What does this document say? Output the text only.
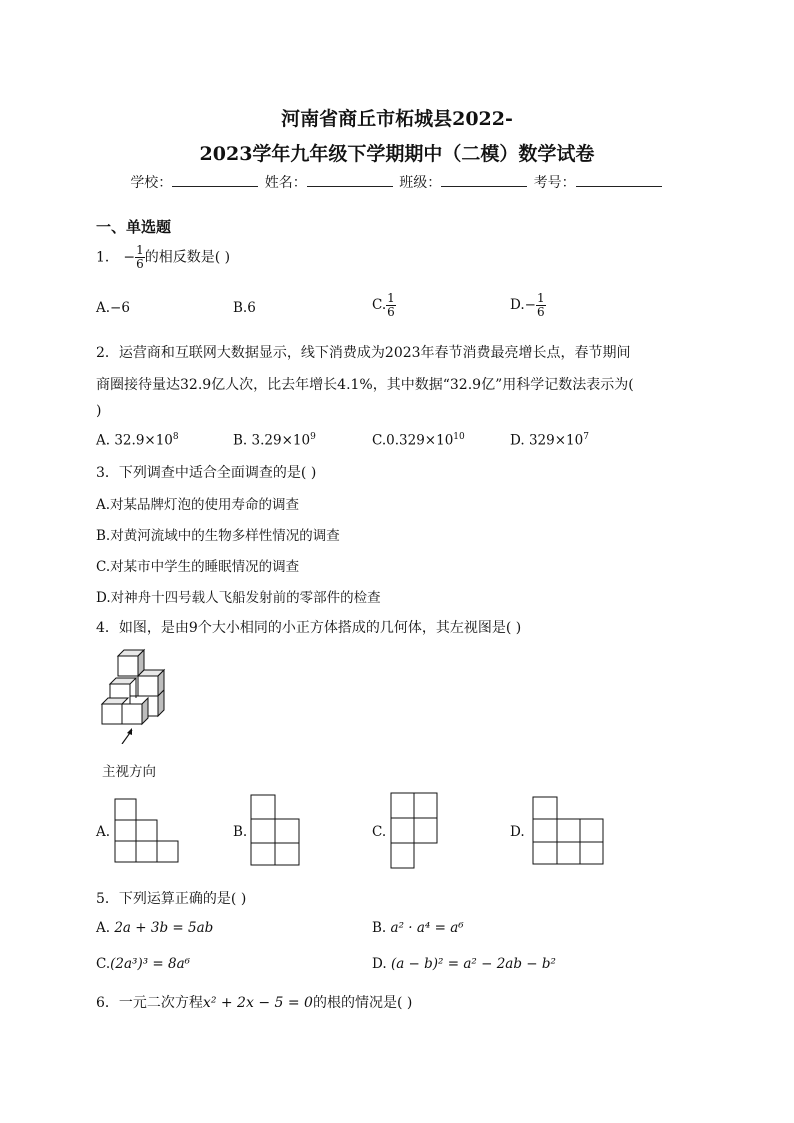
河南省商丘市柘城县2022-
2023学年九年级下学期期中（二模）数学试卷
学校：	姓名：	班级：	考号：
一、单选题
1． − $\frac{1}{6}$ 的相反数是( )
A.−6	B.6	C. $\frac{1}{6}$	$D.- \frac{1}{6}$
2．运营商和互联网大数据显示，线下消费成为2023年春节消费最亮增长点，春节期间
商圈接待量达32.9亿人次，比去年增长4.1%，其中数据“32.9亿”用科学记数法表示为(
)
A. $32.9\times 10^8$	B. $3.29\times 10^9$	$C.0.329\times 10^{10}$	D. $329\times 10^7$
3．下列调查中适合全面调查的是( )
A.对某品牌灯泡的使用寿命的调查
B.对黄河流域中的生物多样性情况的调查
C.对某市中学生的睡眠情况的调查
D.对神舟十四号载人飞船发射前的零部件的检查
4．如图，是由9个大小相同的小正方体搭成的几何体，其左视图是( )
主视方向
A.	B.	C.	D.
5．下列运算正确的是( )
A. 2a + 3b = 5ab	B. a² · a⁴ = a⁶
C.(2a³)³ = 8a⁶	D. (a − b)² = a² − 2ab − b²
6．一元二次方程x² + 2x − 5 = 0的根的情况是( )
